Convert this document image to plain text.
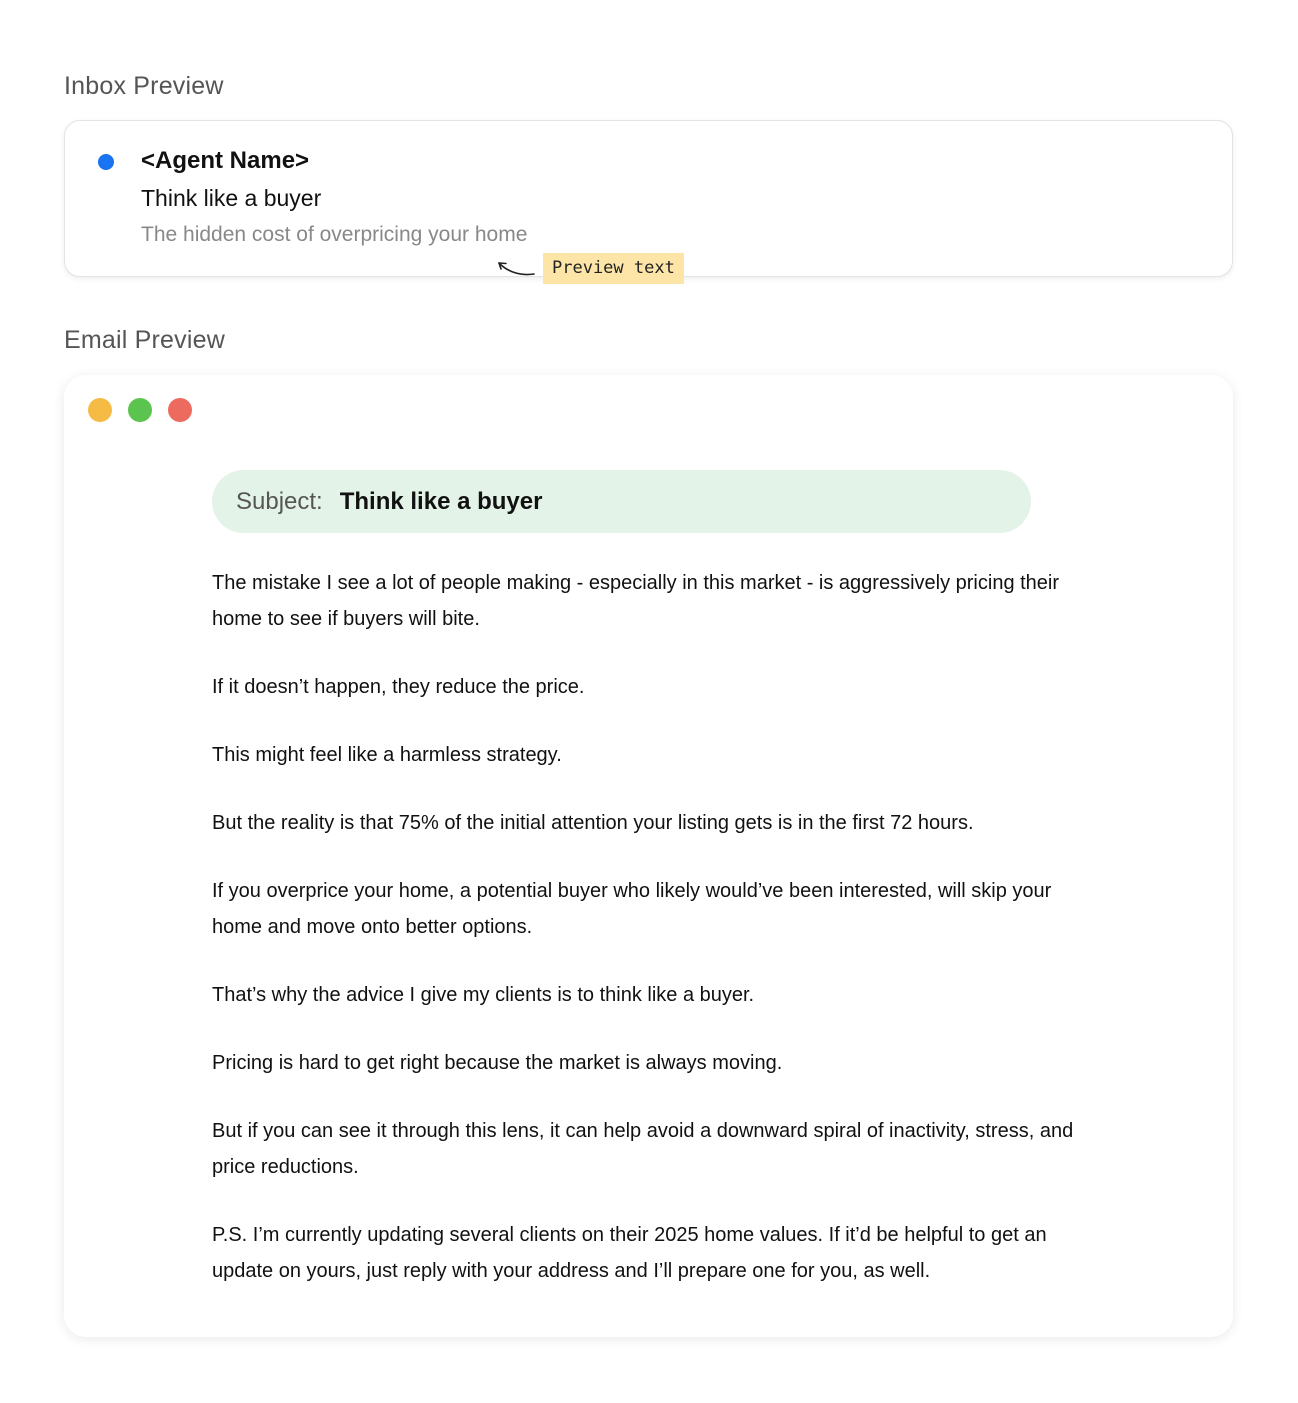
Inbox Preview
<Agent Name>
Think like a buyer
The hidden cost of overpricing your home
Preview text
Email Preview
Subject: Think like a buyer

The mistake I see a lot of people making - especially in this market - is aggressively pricing their home to see if buyers will bite.

If it doesn’t happen, they reduce the price.

This might feel like a harmless strategy.

But the reality is that 75% of the initial attention your listing gets is in the first 72 hours.

If you overprice your home, a potential buyer who likely would’ve been interested, will skip your home and move onto better options.

That’s why the advice I give my clients is to think like a buyer.

Pricing is hard to get right because the market is always moving.

But if you can see it through this lens, it can help avoid a downward spiral of inactivity, stress, and price reductions.

P.S. I’m currently updating several clients on their 2025 home values. If it’d be helpful to get an update on yours, just reply with your address and I’ll prepare one for you, as well.
